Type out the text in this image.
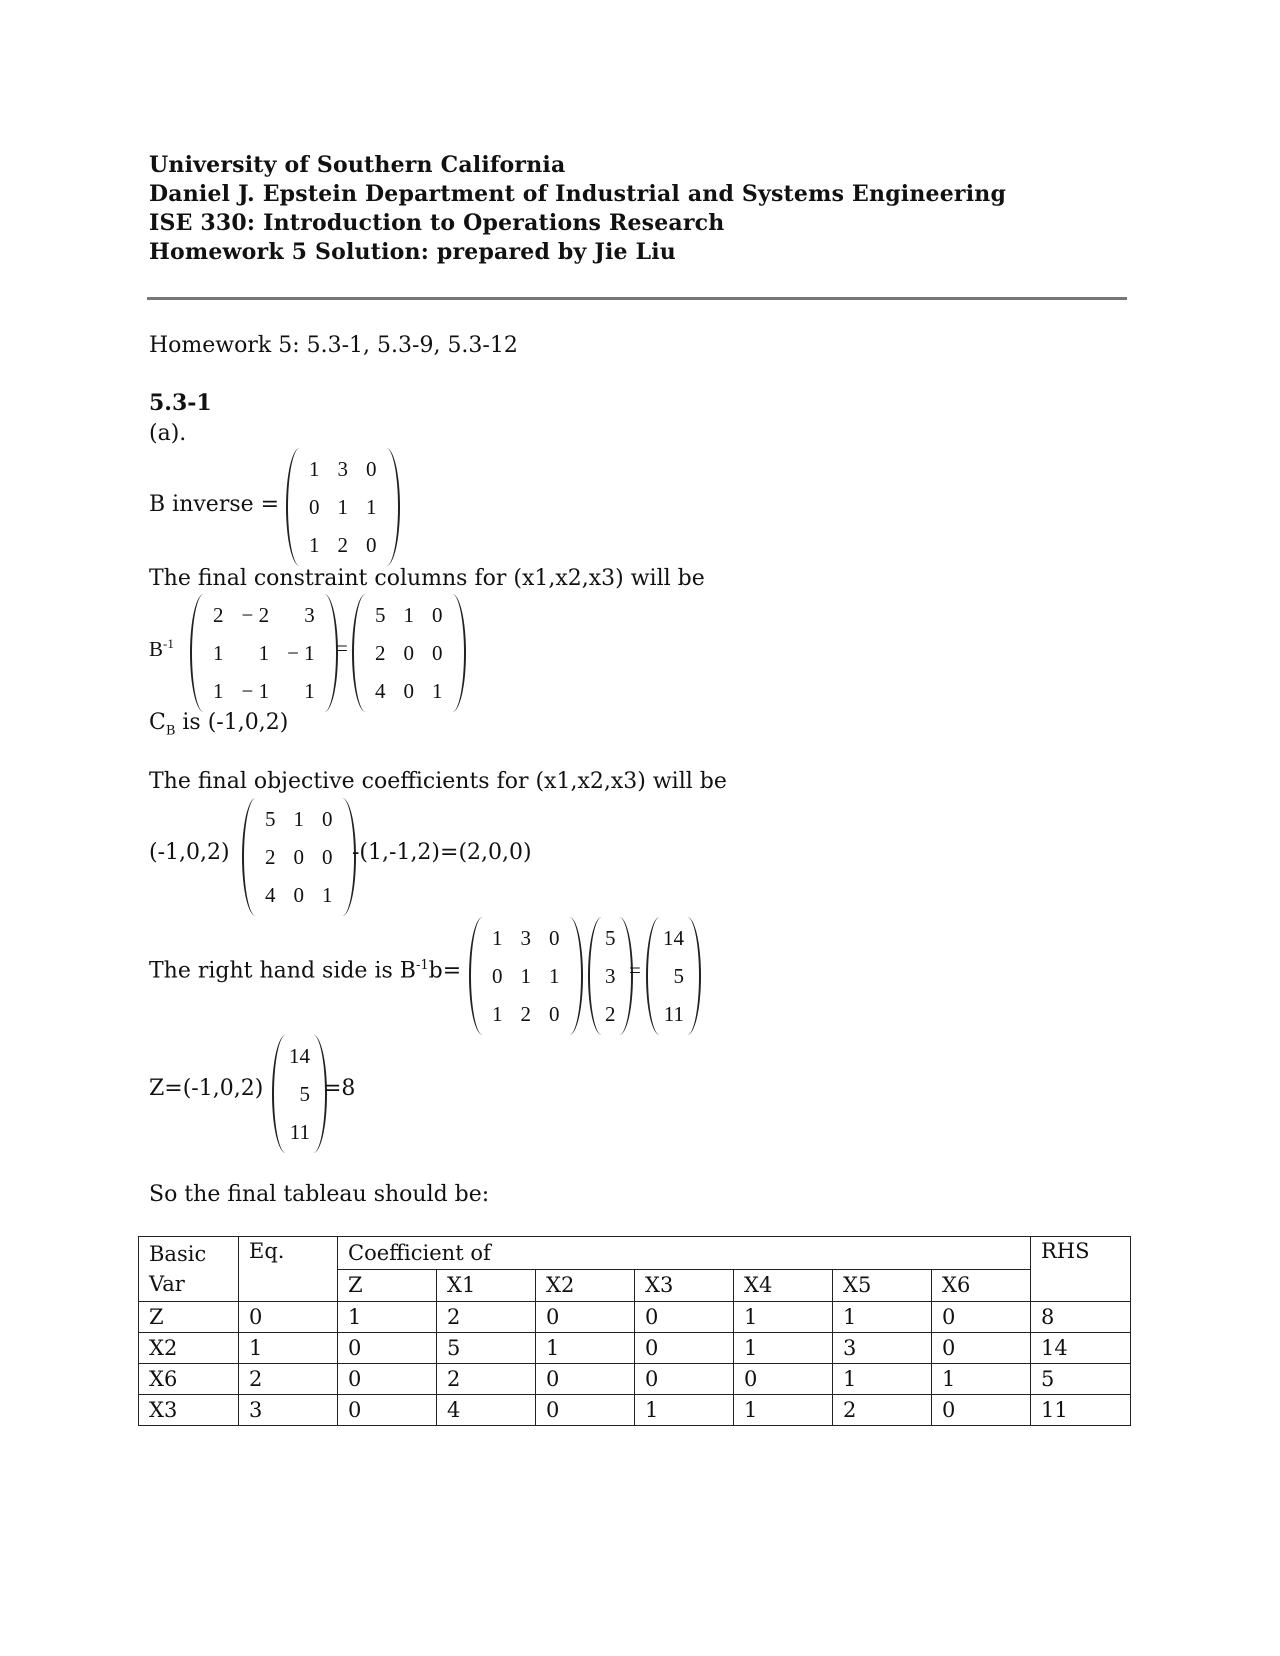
University of Southern California
Daniel J. Epstein Department of Industrial and Systems Engineering
ISE 330: Introduction to Operations Research
Homework 5 Solution: prepared by Jie Liu
Homework 5: 5.3-1, 5.3-9, 5.3-12
5.3-1
(a).
B inverse =
1	3	0
0	1	1
1	2	0
The final constraint columns for (x1,x2,x3) will be
$B^{-1}$
2	− 2	3
1	1	− 1
1	− 1	1
=
5	1	0
2	0	0
4	0	1
$C_B$ is (-1,0,2)
The final objective coefficients for (x1,x2,x3) will be
(-1,0,2)
5	1	0
2	0	0
4	0	1
-(1,-1,2)=(2,0,0)
The right hand side is $B^{-1}b=$
1	3	0
0	1	1
1	2	0
5
3
2
=
14
5
11
Z=(-1,0,2)
14
5
11
=8
So the final tableau should be:
Basic
Var	Eq.	Coefficient of							RHS
		Z	X1	X2	X3	X4	X5	X6	
Z	0	1	2	0	0	1	1	0	8
X2	1	0	5	1	0	1	3	0	14
X6	2	0	2	0	0	0	1	1	5
X3	3	0	4	0	1	1	2	0	11
